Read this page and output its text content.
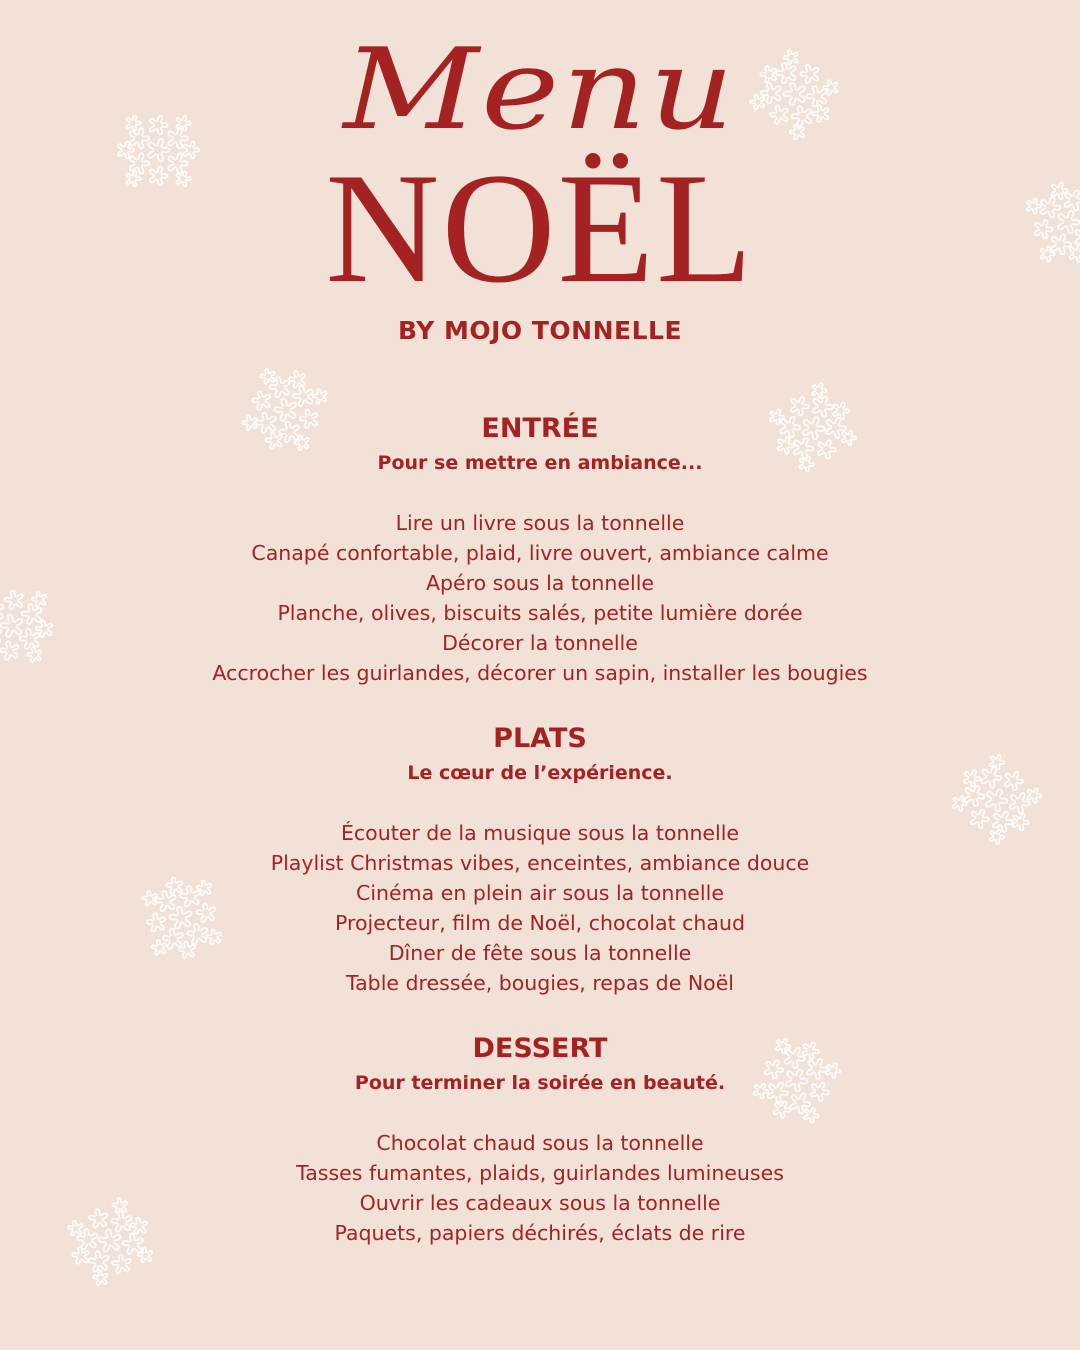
Menu
NOËL
BY MOJO TONNELLE
ENTRÉE
Pour se mettre en ambiance...
Lire un livre sous la tonnelle
Canapé confortable, plaid, livre ouvert, ambiance calme
Apéro sous la tonnelle
Planche, olives, biscuits salés, petite lumière dorée
Décorer la tonnelle
Accrocher les guirlandes, décorer un sapin, installer les bougies
PLATS
Le cœur de l’expérience.
Écouter de la musique sous la tonnelle
Playlist Christmas vibes, enceintes, ambiance douce
Cinéma en plein air sous la tonnelle
Projecteur, film de Noël, chocolat chaud
Dîner de fête sous la tonnelle
Table dressée, bougies, repas de Noël
DESSERT
Pour terminer la soirée en beauté.
Chocolat chaud sous la tonnelle
Tasses fumantes, plaids, guirlandes lumineuses
Ouvrir les cadeaux sous la tonnelle
Paquets, papiers déchirés, éclats de rire
